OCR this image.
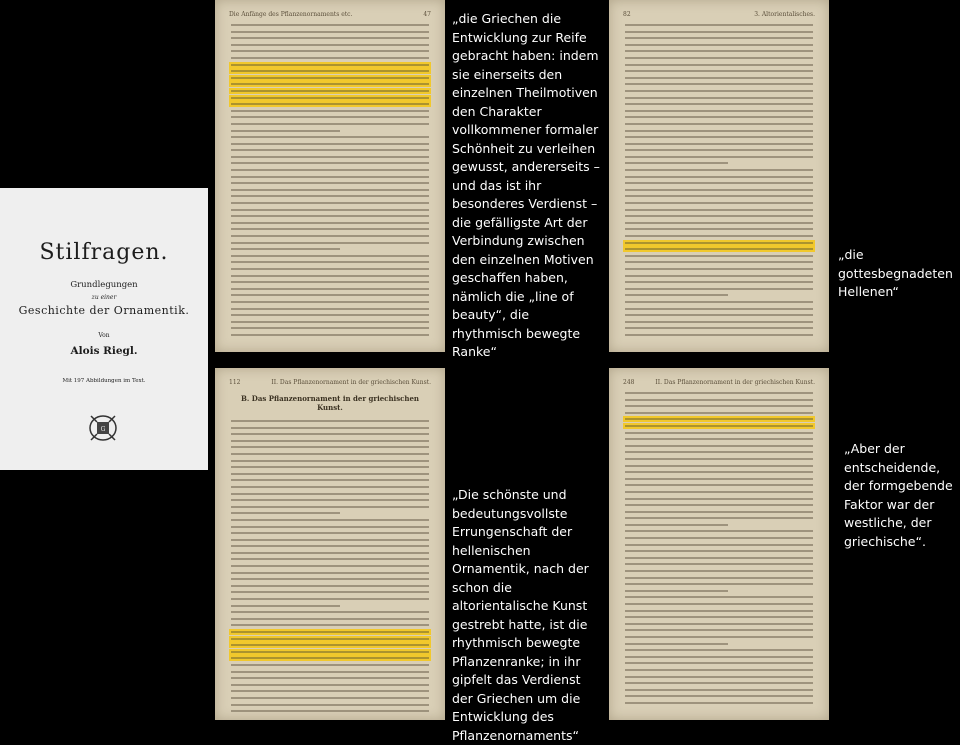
Stilfragen.
Grundlegungen
zu einer
Geschichte der Ornamentik.
Von
Alois Riegl.
Mit 197 Abbildungen im Text.
G
Die Anfänge des Pflanzenornaments etc.	47	82	3. Altorientalisches.
112	II. Das Pflanzenornament in der griechischen Kunst.
B. Das Pflanzenornament in der griechischen Kunst.
248	II. Das Pflanzenornament in der griechischen Kunst.
„die Griechen die Entwicklung zur Reife gebracht haben: indem sie einerseits den einzelnen Theilmotiven den Charakter vollkommener formaler Schönheit zu verleihen gewusst, andererseits – und das ist ihr besonderes Verdienst – die gefälligste Art der Verbindung zwischen den einzelnen Motiven geschaffen haben, nämlich die „line of beauty“, die rhythmisch bewegte Ranke“
„die gottesbegnadeten Hellenen“
„Die schönste und bedeutungsvollste Errungenschaft der hellenischen Ornamentik, nach der schon die altorientalische Kunst gestrebt hatte, ist die rhythmisch bewegte Pflanzenranke; in ihr gipfelt das Verdienst der Griechen um die Entwicklung des Pflanzenornaments“
„Aber der entscheidende, der formgebende Faktor war der westliche, der griechische“.
